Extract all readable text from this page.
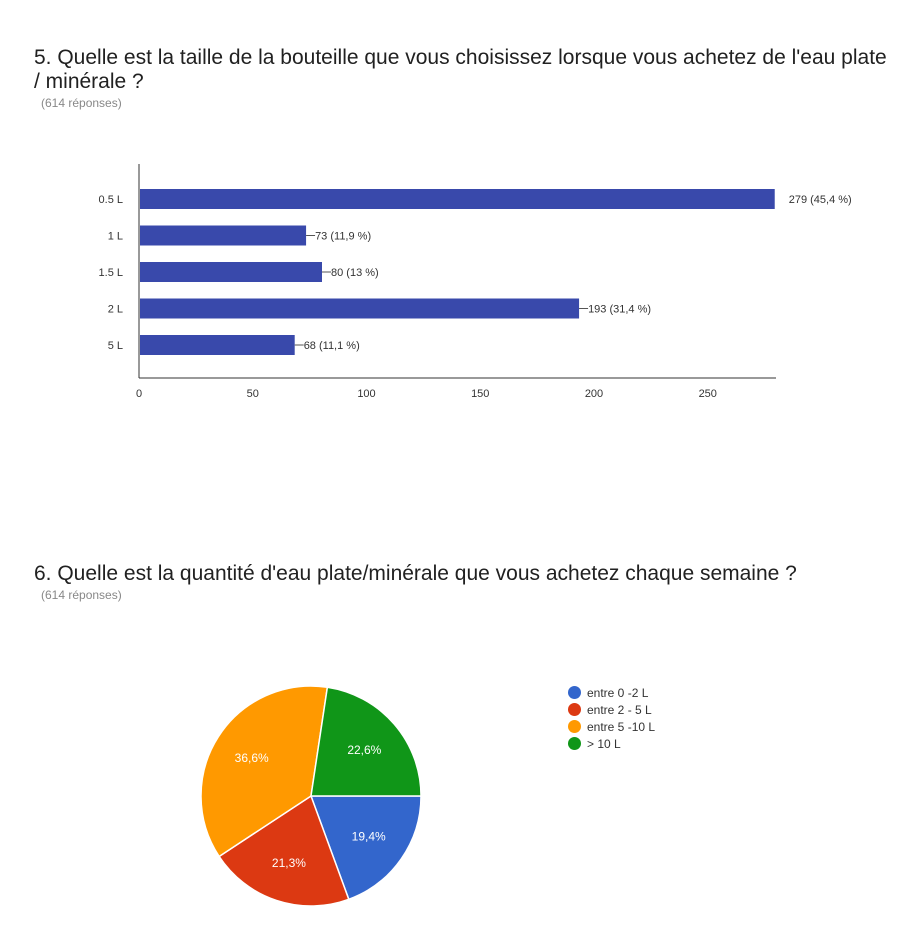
5. Quelle est la taille de la bouteille que vous choisissez lorsque vous achetez de l'eau plate / minérale ?
(614 réponses)
0.5 L	279 (45,4 %)
1 L	73 (11,9 %)
1.5 L	80 (13 %)
2 L	193 (31,4 %)
5 L	68 (11,1 %)
0	50	100	150	200	250
6. Quelle est la quantité d'eau plate/minérale que vous achetez chaque semaine ?
(614 réponses)
19,4%
21,3%
36,6%
22,6%
entre 0 -2 L
entre 2 - 5 L
entre 5 -10 L
> 10 L
